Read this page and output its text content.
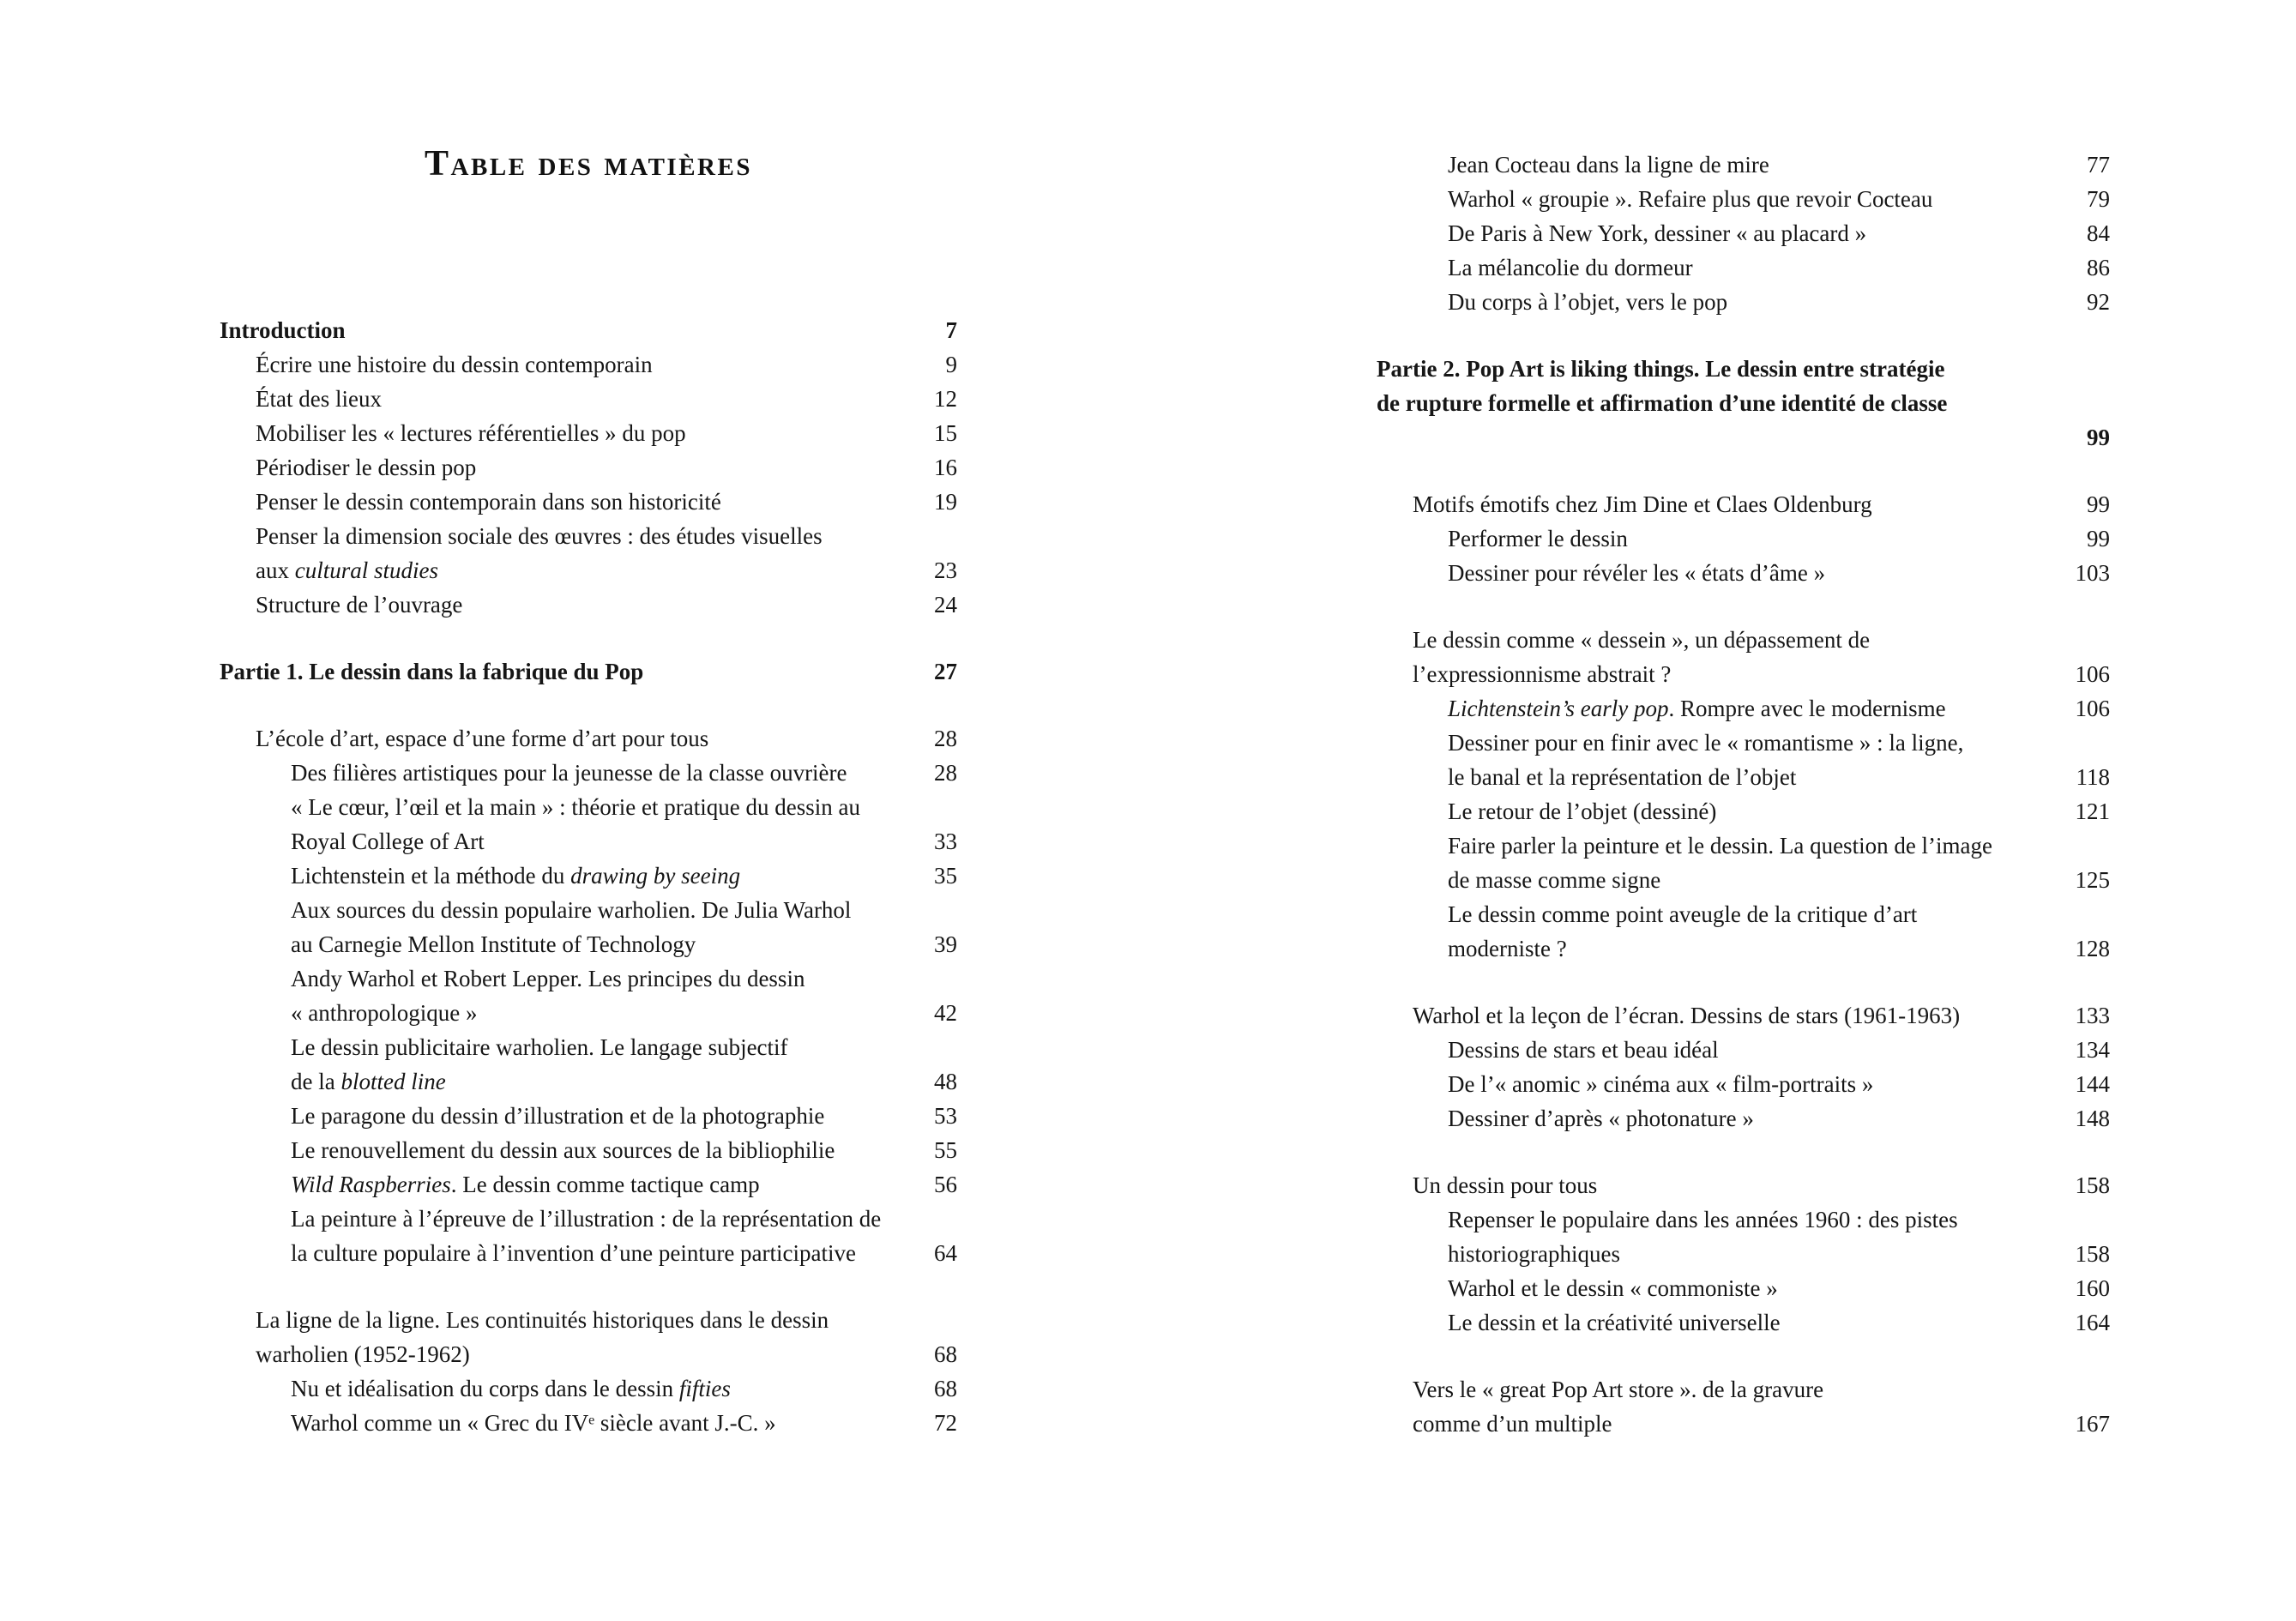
Table des matières
Introduction	7
Écrire une histoire du dessin contemporain	9
État des lieux	12
Mobiliser les « lectures référentielles » du pop	15
Périodiser le dessin pop	16
Penser le dessin contemporain dans son historicité	19
Penser la dimension sociale des œuvres : des études visuelles
aux cultural studies	23
Structure de l’ouvrage	24
Partie 1. Le dessin dans la fabrique du Pop	27
L’école d’art, espace d’une forme d’art pour tous	28
Des filières artistiques pour la jeunesse de la classe ouvrière	28
« Le cœur, l’œil et la main » : théorie et pratique du dessin au
Royal College of Art	33
Lichtenstein et la méthode du drawing by seeing	35
Aux sources du dessin populaire warholien. De Julia Warhol
au Carnegie Mellon Institute of Technology	39
Andy Warhol et Robert Lepper. Les principes du dessin
« anthropologique »	42
Le dessin publicitaire warholien. Le langage subjectif
de la blotted line	48
Le paragone du dessin d’illustration et de la photographie	53
Le renouvellement du dessin aux sources de la bibliophilie	55
Wild Raspberries. Le dessin comme tactique camp	56
La peinture à l’épreuve de l’illustration : de la représentation de
la culture populaire à l’invention d’une peinture participative	64
La ligne de la ligne. Les continuités historiques dans le dessin
warholien (1952-1962)	68
Nu et idéalisation du corps dans le dessin fifties	68
Warhol comme un « Grec du IVᵉ siècle avant J.-C. »	72
Jean Cocteau dans la ligne de mire	77
Warhol « groupie ». Refaire plus que revoir Cocteau	79
De Paris à New York, dessiner « au placard »	84
La mélancolie du dormeur	86
Du corps à l’objet, vers le pop	92
Partie 2. Pop Art is liking things. Le dessin entre stratégie
de rupture formelle et affirmation d’une identité de classe
99
Motifs émotifs chez Jim Dine et Claes Oldenburg	99
Performer le dessin	99
Dessiner pour révéler les « états d’âme »	103
Le dessin comme « dessein », un dépassement de
l’expressionnisme abstrait ?	106
Lichtenstein’s early pop. Rompre avec le modernisme	106
Dessiner pour en finir avec le « romantisme » : la ligne,
le banal et la représentation de l’objet	118
Le retour de l’objet (dessiné)	121
Faire parler la peinture et le dessin. La question de l’image
de masse comme signe	125
Le dessin comme point aveugle de la critique d’art
moderniste ?	128
Warhol et la leçon de l’écran. Dessins de stars (1961-1963)	133
Dessins de stars et beau idéal	134
De l’« anomic » cinéma aux « film-portraits »	144
Dessiner d’après « photonature »	148
Un dessin pour tous	158
Repenser le populaire dans les années 1960 : des pistes
historiographiques	158
Warhol et le dessin « commoniste »	160
Le dessin et la créativité universelle	164
Vers le « great Pop Art store ». de la gravure
comme d’un multiple	167
